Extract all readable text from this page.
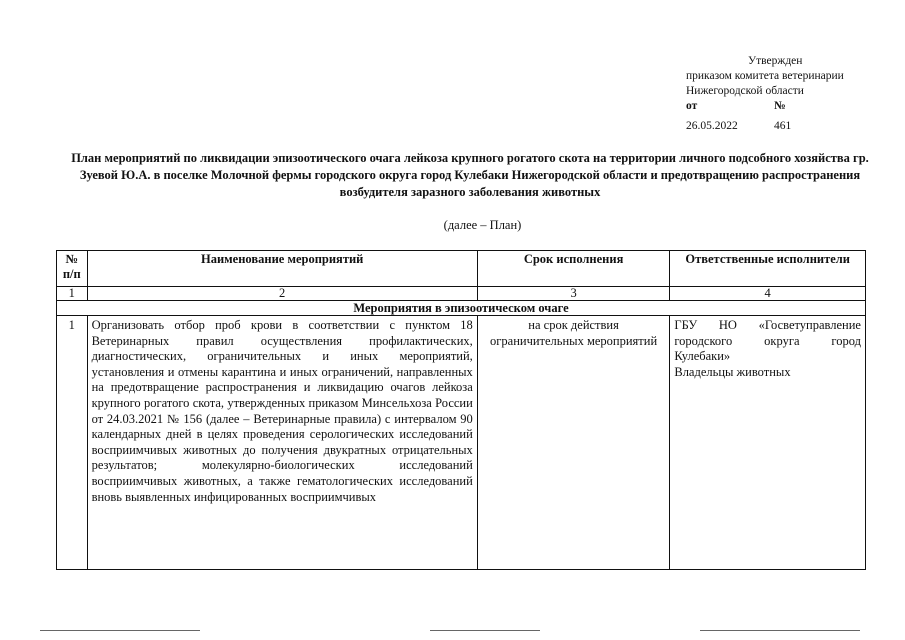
Утвержден
приказом комитета ветеринарии
Нижегородской области
от	№
26.05.2022	461
План мероприятий по ликвидации эпизоотического очага лейкоза крупного рогатого скота на территории личного подсобного хозяйства гр. Зуевой Ю.А. в поселке Молочной фермы городского округа город Кулебаки Нижегородской области и предотвращению распространения возбудителя заразного заболевания животных
(далее – План)
№ п/п	Наименование мероприятий	Срок исполнения	Ответственные исполнители
1	2	3	4
Мероприятия в эпизоотическом очаге			
1	Организовать отбор проб крови в соответствии с пунктом 18 Ветеринарных правил осуществления профилактических, диагностических, ограничительных и иных мероприятий, установления и отмены карантина и иных ограничений, направленных на предотвращение распространения и ликвидацию очагов лейкоза крупного рогатого скота, утвержденных приказом Минсельхоза России от 24.03.2021 № 156 (далее – Ветеринарные правила) с интервалом 90 календарных дней в целях проведения серологических исследований восприимчивых животных до получения двукратных отрицательных результатов; молекулярно-биологических исследований восприимчивых животных, а также гематологических исследований вновь выявленных инфицированных восприимчивых	на срок действия ограничительных мероприятий	ГБУ НО «Госветуправление городского округа город Кулебаки»
Владельцы животных
